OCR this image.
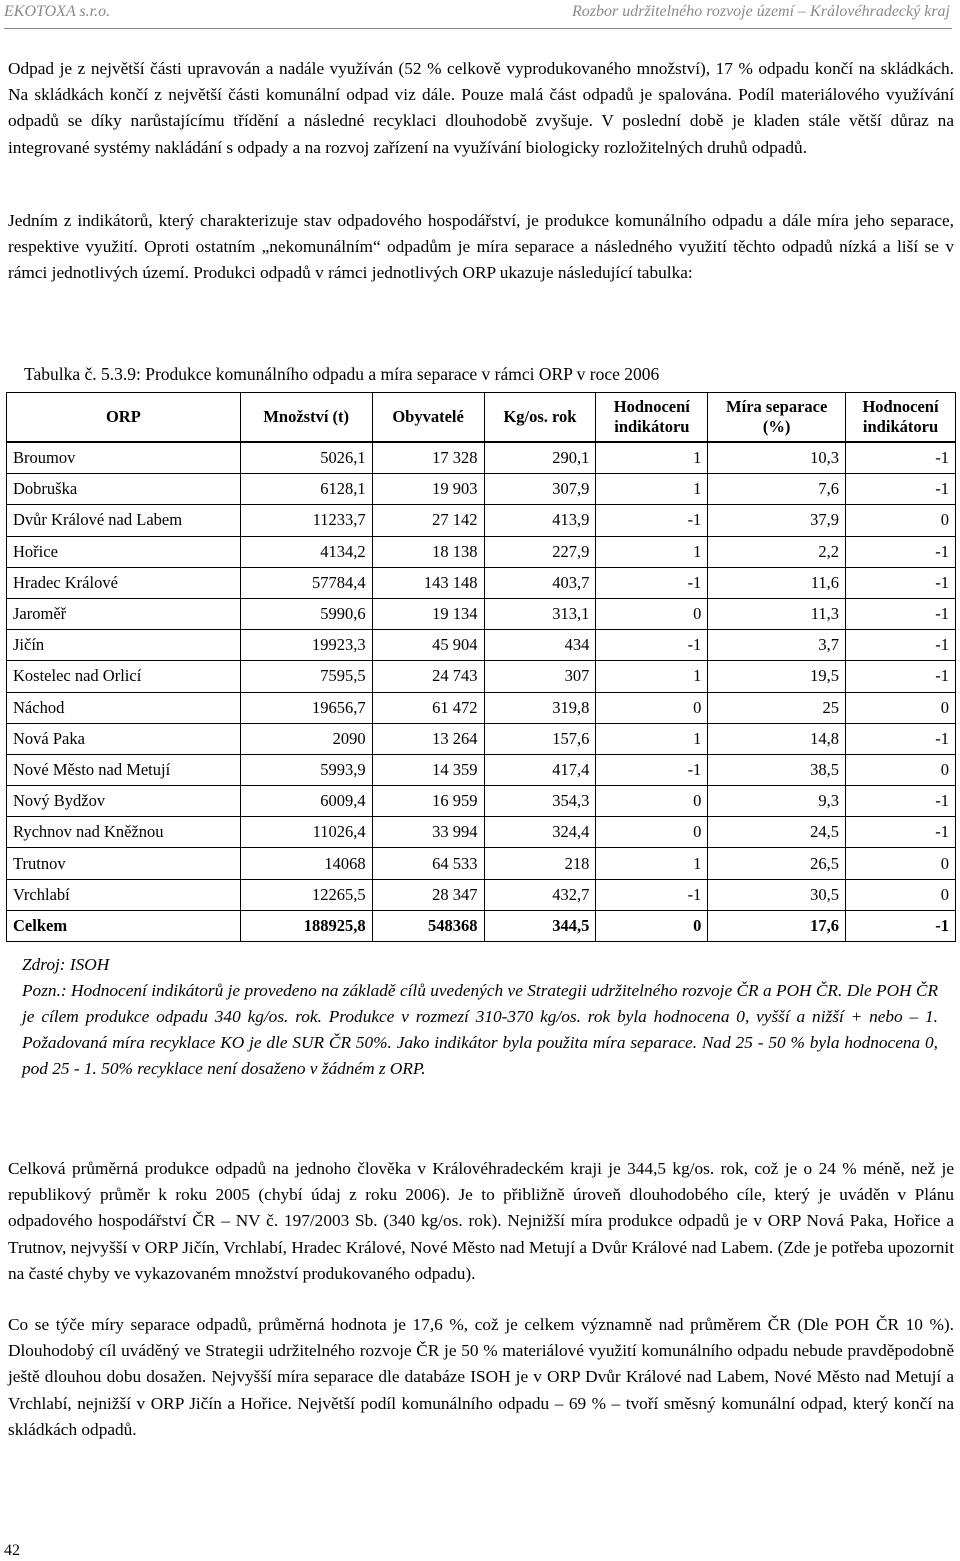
EKOTOXA s.r.o.	Rozbor udržitelného rozvoje území – Královéhradecký kraj
Odpad je z největší části upravován a nadále využíván (52 % celkově vyprodukovaného množství), 17 % odpadu končí na skládkách. Na skládkách končí z největší části komunální odpad viz dále. Pouze malá část odpadů je spalována. Podíl materiálového využívání odpadů se díky narůstajícímu třídění a následné recyklaci dlouhodobě zvyšuje. V poslední době je kladen stále větší důraz na integrované systémy nakládání s odpady a na rozvoj zařízení na využívání biologicky rozložitelných druhů odpadů.
Jedním z indikátorů, který charakterizuje stav odpadového hospodářství, je produkce komunálního odpadu a dále míra jeho separace, respektive využití. Oproti ostatním „nekomunálním“ odpadům je míra separace a následného využití těchto odpadů nízká a liší se v rámci jednotlivých území. Produkci odpadů v rámci jednotlivých ORP ukazuje následující tabulka:
Tabulka č. 5.3.9: Produkce komunálního odpadu a míra separace v rámci ORP v roce 2006
ORP	Množství (t)	Obyvatelé	Kg/os. rok	Hodnocení indikátoru	Míra separace (%)	Hodnocení indikátoru
Broumov	5026,1	17 328	290,1	1	10,3	-1
Dobruška	6128,1	19 903	307,9	1	7,6	-1
Dvůr Králové nad Labem	11233,7	27 142	413,9	-1	37,9	0
Hořice	4134,2	18 138	227,9	1	2,2	-1
Hradec Králové	57784,4	143 148	403,7	-1	11,6	-1
Jaroměř	5990,6	19 134	313,1	0	11,3	-1
Jičín	19923,3	45 904	434	-1	3,7	-1
Kostelec nad Orlicí	7595,5	24 743	307	1	19,5	-1
Náchod	19656,7	61 472	319,8	0	25	0
Nová Paka	2090	13 264	157,6	1	14,8	-1
Nové Město nad Metují	5993,9	14 359	417,4	-1	38,5	0
Nový Bydžov	6009,4	16 959	354,3	0	9,3	-1
Rychnov nad Kněžnou	11026,4	33 994	324,4	0	24,5	-1
Trutnov	14068	64 533	218	1	26,5	0
Vrchlabí	12265,5	28 347	432,7	-1	30,5	0
Celkem	188925,8	548368	344,5	0	17,6	-1
Zdroj: ISOH
Pozn.: Hodnocení indikátorů je provedeno na základě cílů uvedených ve Strategii udržitelného rozvoje ČR a POH ČR. Dle POH ČR je cílem produkce odpadu 340 kg/os. rok. Produkce v rozmezí 310-370 kg/os. rok byla hodnocena 0, vyšší a nižší + nebo – 1. Požadovaná míra recyklace KO je dle SUR ČR 50%. Jako indikátor byla použita míra separace. Nad 25 - 50 % byla hodnocena 0, pod 25 - 1. 50% recyklace není dosaženo v žádném z ORP.
Celková průměrná produkce odpadů na jednoho člověka v Královéhradeckém kraji je 344,5 kg/os. rok, což je o 24 % méně, než je republikový průměr k roku 2005 (chybí údaj z roku 2006). Je to přibližně úroveň dlouhodobého cíle, který je uváděn v Plánu odpadového hospodářství ČR – NV č. 197/2003 Sb. (340 kg/os. rok). Nejnižší míra produkce odpadů je v ORP Nová Paka, Hořice a Trutnov, nejvyšší v ORP Jičín, Vrchlabí, Hradec Králové, Nové Město nad Metují a Dvůr Králové nad Labem. (Zde je potřeba upozornit na časté chyby ve vykazovaném množství produkovaného odpadu).
Co se týče míry separace odpadů, průměrná hodnota je 17,6 %, což je celkem významně nad průměrem ČR (Dle POH ČR 10 %). Dlouhodobý cíl uváděný ve Strategii udržitelného rozvoje ČR je 50 % materiálové využití komunálního odpadu nebude pravděpodobně ještě dlouhou dobu dosažen. Nejvyšší míra separace dle databáze ISOH je v ORP Dvůr Králové nad Labem, Nové Město nad Metují a Vrchlabí, nejnižší v ORP Jičín a Hořice. Největší podíl komunálního odpadu – 69 % – tvoří směsný komunální odpad, který končí na skládkách odpadů.
42
